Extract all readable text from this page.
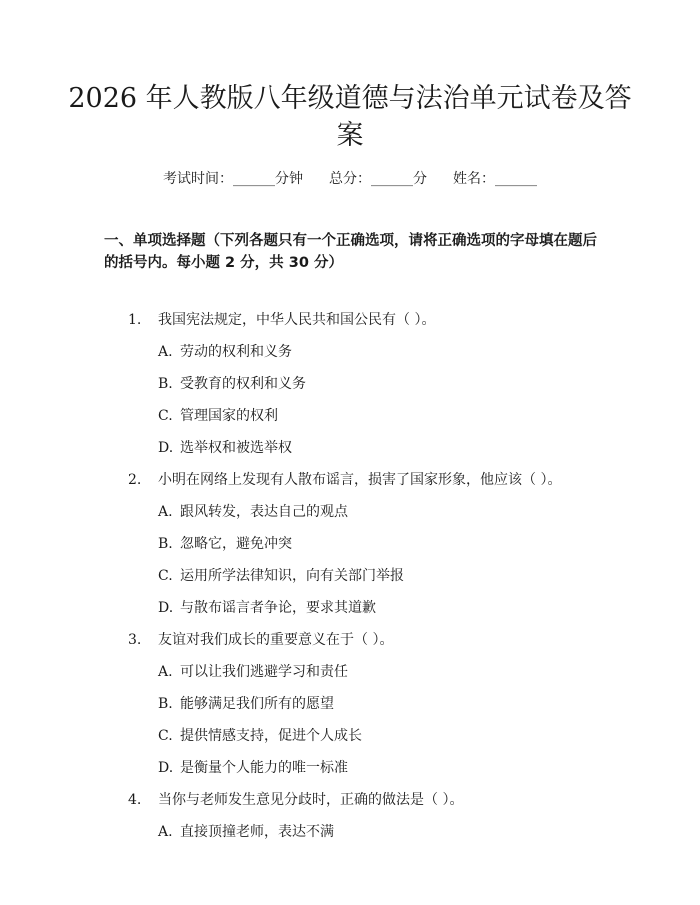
2026 年人教版八年级道德与法治单元试卷及答案
考试时间：______分钟 总分：______分 姓名：______
一、单项选择题（下列各题只有一个正确选项，请将正确选项的字母填在题后的括号内。每小题 2 分，共 30 分）
1. 我国宪法规定，中华人民共和国公民有（ ）。
A. 劳动的权利和义务
B. 受教育的权利和义务
C. 管理国家的权利
D. 选举权和被选举权
2. 小明在网络上发现有人散布谣言，损害了国家形象，他应该（ ）。
A. 跟风转发，表达自己的观点
B. 忽略它，避免冲突
C. 运用所学法律知识，向有关部门举报
D. 与散布谣言者争论，要求其道歉
3. 友谊对我们成长的重要意义在于（ ）。
A. 可以让我们逃避学习和责任
B. 能够满足我们所有的愿望
C. 提供情感支持，促进个人成长
D. 是衡量个人能力的唯一标准
4. 当你与老师发生意见分歧时，正确的做法是（ ）。
A. 直接顶撞老师，表达不满
